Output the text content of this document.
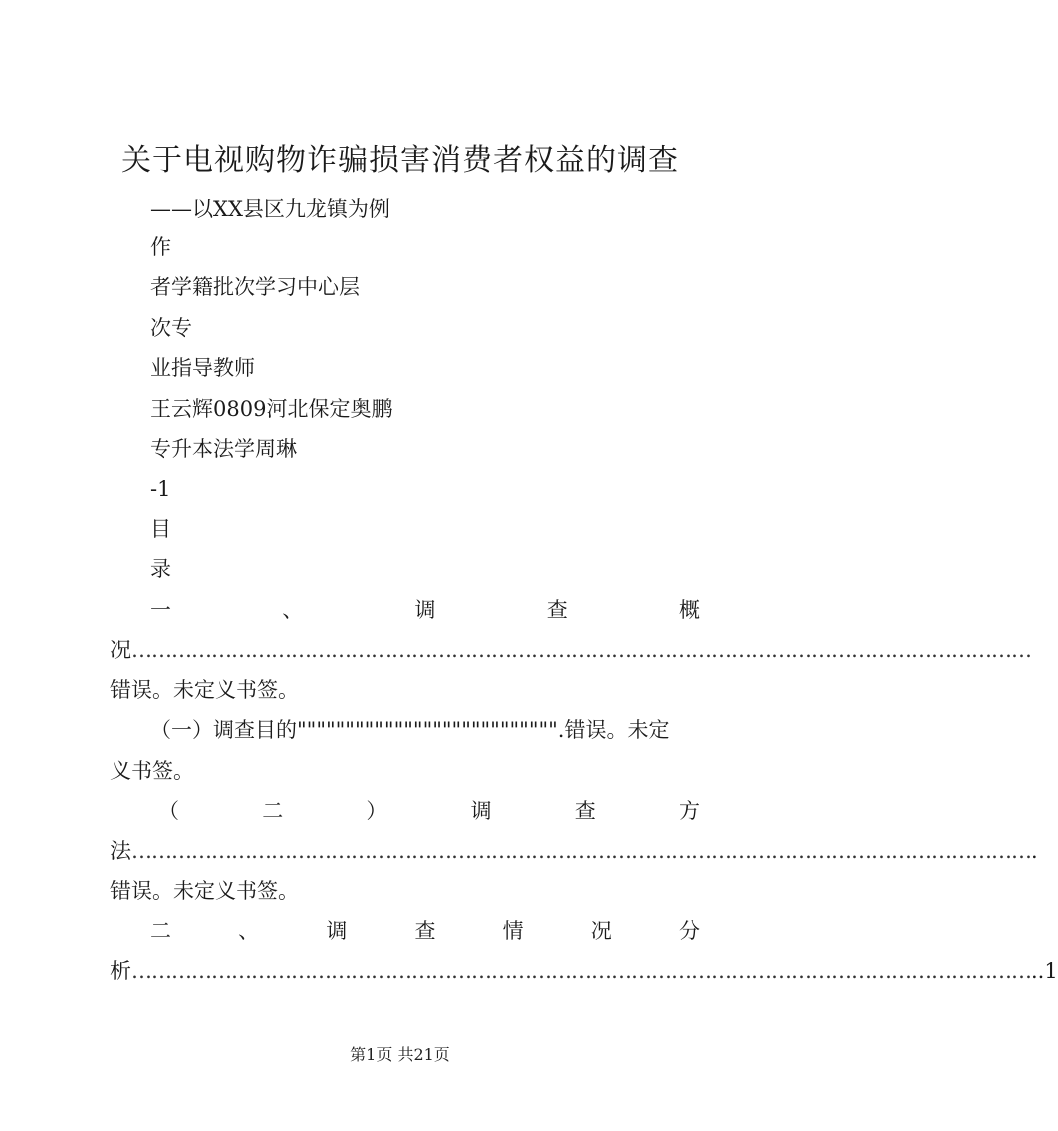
关于电视购物诈骗损害消费者权益的调查
——以XX县区九龙镇为例
作
者学籍批次学习中心层
次专
业指导教师
王云辉0809河北保定奥鹏
专升本法学周琳
-1
目
录
一	、	调	查	概
况 ………………………………………………………………………………………………………………………
错误。未定义书签。
（一）调查目的""""""""""""""""""""""""""".错误。未定
义书签。
（	二	）	调	查	方
法 ……………………………………………………………………………………………………………………… .
错误。未定义书签。
二	、	调	查	情	况	分
析 ……………………………………………………………………………………………………………………… ..1
第1页 共21页
